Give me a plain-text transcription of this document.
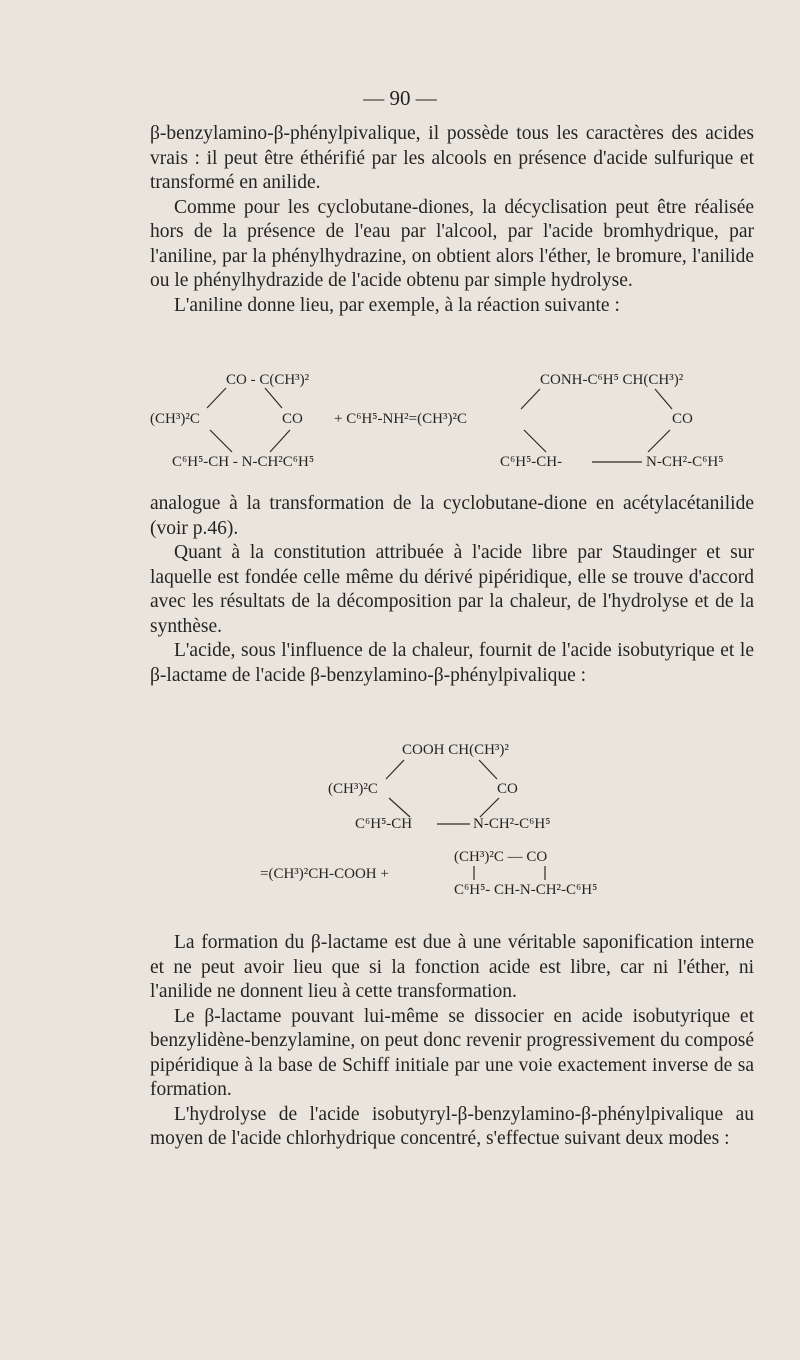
— 90 —

β-benzylamino-β-phénylpivalique, il possède tous les caractères des acides vrais : il peut être éthérifié par les alcools en présence d'acide sulfurique et transformé en anilide.

Comme pour les cyclobutane-diones, la décyclisation peut être réalisée hors de la présence de l'eau par l'alcool, par l'acide bromhydrique, par l'aniline, par la phénylhydrazine, on obtient alors l'éther, le bromure, l'anilide ou le phénylhydrazide de l'acide obtenu par simple hydrolyse.

L'aniline donne lieu, par exemple, à la réaction suivante :

CO - C(CH³)²
(CH³)²C	CO
C⁶H⁵-CH - N-CH²C⁶H⁵
+ C⁶H⁵-NH²=(CH³)²C
CONH-C⁶H⁵ CH(CH³)²
CO
C⁶H⁵-CH-	N-CH²-C⁶H⁵

analogue à la transformation de la cyclobutane-dione en acétylacétanilide (voir p.46).

Quant à la constitution attribuée à l'acide libre par Staudinger et sur laquelle est fondée celle même du dérivé pipéridique, elle se trouve d'accord avec les résultats de la décomposition par la chaleur, de l'hydrolyse et de la synthèse.

L'acide, sous l'influence de la chaleur, fournit de l'acide isobutyrique et le β-lactame de l'acide β-benzylamino-β-phénylpivalique :

COOH CH(CH³)²
(CH³)²C	CO
C⁶H⁵-CH	N-CH²-C⁶H⁵
(CH³)²C — CO
=(CH³)²CH-COOH +
C⁶H⁵- CH-N-CH²-C⁶H⁵

La formation du β-lactame est due à une véritable saponification interne et ne peut avoir lieu que si la fonction acide est libre, car ni l'éther, ni l'anilide ne donnent lieu à cette transformation.

Le β-lactame pouvant lui-même se dissocier en acide isobutyrique et benzylidène-benzylamine, on peut donc revenir progressivement du composé pipéridique à la base de Schiff initiale par une voie exactement inverse de sa formation.

L'hydrolyse de l'acide isobutyryl-β-benzylamino-β-phénylpivalique au moyen de l'acide chlorhydrique concentré, s'effectue suivant deux modes :
